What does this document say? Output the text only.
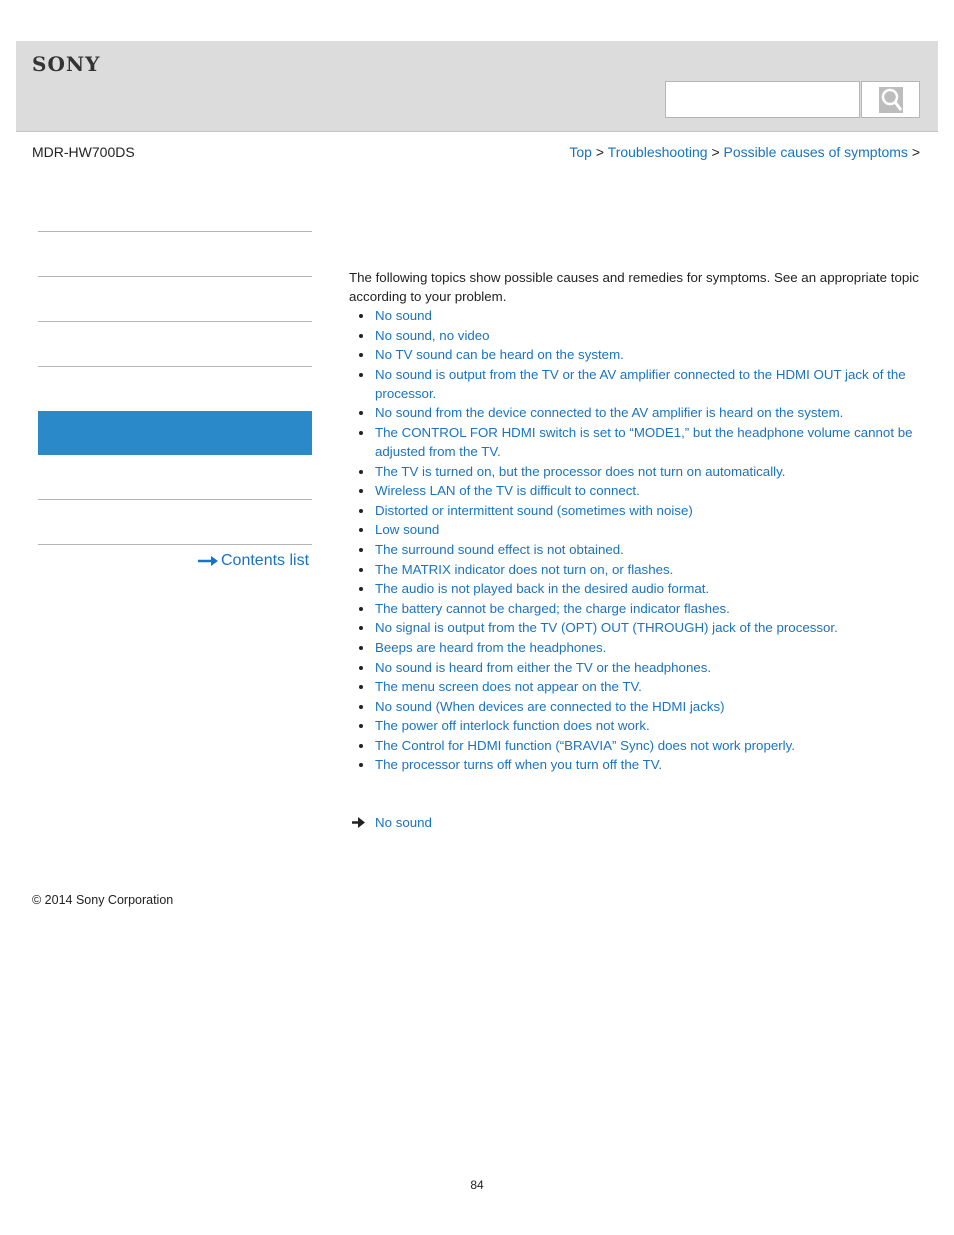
SONY
MDR-HW700DS	Top > Troubleshooting > Possible causes of symptoms >
Contents list

The following topics show possible causes and remedies for symptoms. See an appropriate topic according to your problem.

No sound
No sound, no video
No TV sound can be heard on the system.
No sound is output from the TV or the AV amplifier connected to the HDMI OUT jack of the processor.
No sound from the device connected to the AV amplifier is heard on the system.
The CONTROL FOR HDMI switch is set to “MODE1,” but the headphone volume cannot be adjusted from the TV.
The TV is turned on, but the processor does not turn on automatically.
Wireless LAN of the TV is difficult to connect.
Distorted or intermittent sound (sometimes with noise)
Low sound
The surround sound effect is not obtained.
The MATRIX indicator does not turn on, or flashes.
The audio is not played back in the desired audio format.
The battery cannot be charged; the charge indicator flashes.
No signal is output from the TV (OPT) OUT (THROUGH) jack of the processor.
Beeps are heard from the headphones.
No sound is heard from either the TV or the headphones.
The menu screen does not appear on the TV.
No sound (When devices are connected to the HDMI jacks)
The power off interlock function does not work.
The Control for HDMI function (“BRAVIA” Sync) does not work properly.
The processor turns off when you turn off the TV.
No sound
© 2014 Sony Corporation
84
